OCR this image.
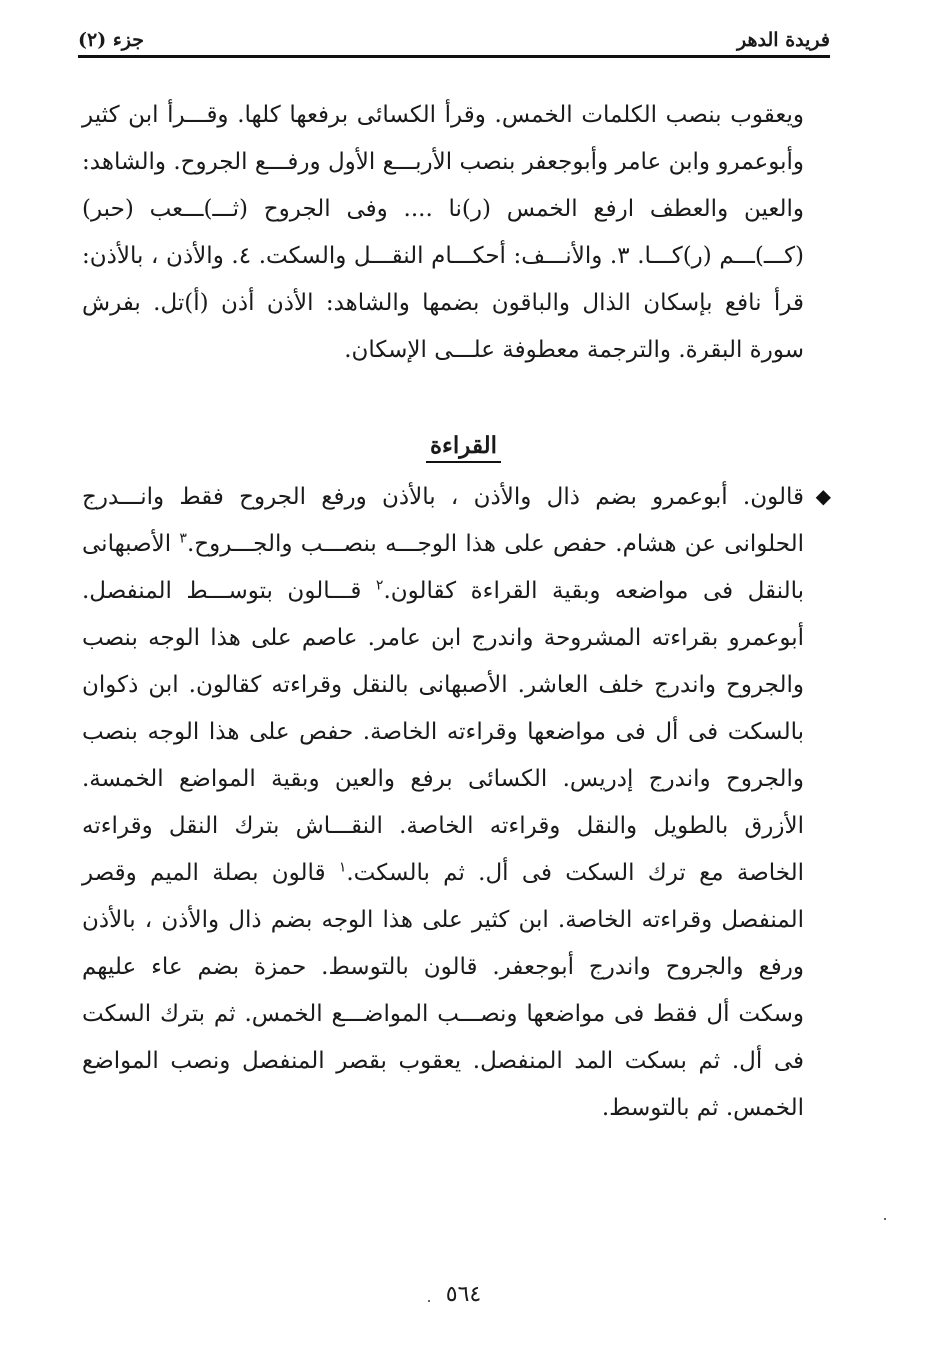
فريدة الدهر
جزء (٢)

ويعقوب بنصب الكلمات الخمس. وقرأ الكسائى برفعها كلها. وقـــرأ ابن كثير وأبوعمرو وابن عامر وأبوجعفر بنصب الأربـــع الأول ورفـــع الجروح. والشاهد: والعين والعطف ارفع الخمس (ر)نا .... وفى الجروح (ثـــ)ـــعب (حبر) (كـــ)ـــم (ر)كـــا. ٣. والأنـــف: أحكـــام النقـــل والسكت. ٤. والأذن ، بالأذن: قرأ نافع بإسكان الذال والباقون بضمها والشاهد: الأذن أذن (أ)تل. بفرش سورة البقرة. والترجمة معطوفة علـــى الإسكان.

القراءة
◆

قالون. أبوعمرو بضم ذال والأذن ، بالأذن ورفع الجروح فقط وانـــدرج الحلوانى عن هشام. حفص على هذا الوجـــه بنصـــب والجـــروح.$^٣$ الأصبهانى بالنقل فى مواضعه وبقية القراءة كقالون.$^٢$ قـــالون بتوســـط المنفصل. أبوعمرو بقراءته المشروحة واندرج ابن عامر. عاصم على هذا الوجه بنصب والجروح واندرج خلف العاشر. الأصبهانى بالنقل وقراءته كقالون. ابن ذكوان بالسكت فى أل فى مواضعها وقراءته الخاصة. حفص على هذا الوجه بنصب والجروح واندرج إدريس. الكسائى برفع والعين وبقية المواضع الخمسة. الأزرق بالطويل والنقل وقراءته الخاصة. النقـــاش بترك النقل وقراءته الخاصة مع ترك السكت فى أل. ثم بالسكت.$^١$ قالون بصلة الميم وقصر المنفصل وقراءته الخاصة. ابن كثير على هذا الوجه بضم ذال والأذن ، بالأذن ورفع والجروح واندرج أبوجعفر. قالون بالتوسط. حمزة بضم عاء عليهم وسكت أل فقط فى مواضعها ونصـــب المواضـــع الخمس. ثم بترك السكت فى أل. ثم بسكت المد المنفصل. يعقوب بقصر المنفصل ونصب المواضع الخمس. ثم بالتوسط.

٥٦٤
